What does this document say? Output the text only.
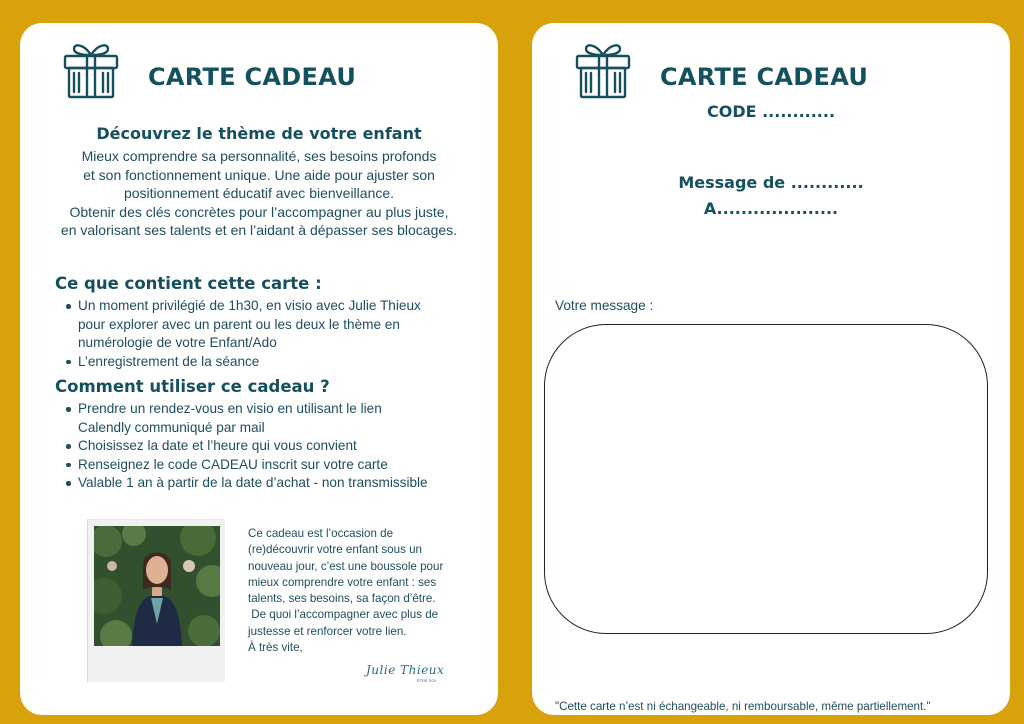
CARTE CADEAU
Découvrez le thème de votre enfant
Mieux comprendre sa personnalité, ses besoins profonds
et son fonctionnement unique. Une aide pour ajuster son
positionnement éducatif avec bienveillance.
Obtenir des clés concrètes pour l’accompagner au plus juste,
en valorisant ses talents et en l’aidant à dépasser ses blocages.
Ce que contient cette carte :
Un moment privilégié de 1h30, en visio avec Julie Thieux
pour explorer avec un parent ou les deux le thème en
numérologie de votre Enfant/Ado
L’enregistrement de la séance
Comment utiliser ce cadeau ?
Prendre un rendez-vous en visio en utilisant le lien
Calendly communiqué par mail
Choisissez la date et l’heure qui vous convient
Renseignez le code CADEAU inscrit sur votre carte
Valable 1 an à partir de la date d’achat - non transmissible
Ce cadeau est l’occasion de
(re)découvrir votre enfant sous un
nouveau jour, c’est une boussole pour
mieux comprendre votre enfant : ses
talents, ses besoins, sa façon d’être.
De quoi l’accompagner avec plus de
justesse et renforcer votre lien.
À très vite,
Julie Thieux
ÊTRE SOI
CARTE CADEAU
CODE ............
Message de ............
A....................
Votre message :
"Cette carte n’est ni échangeable, ni remboursable, même partiellement."
